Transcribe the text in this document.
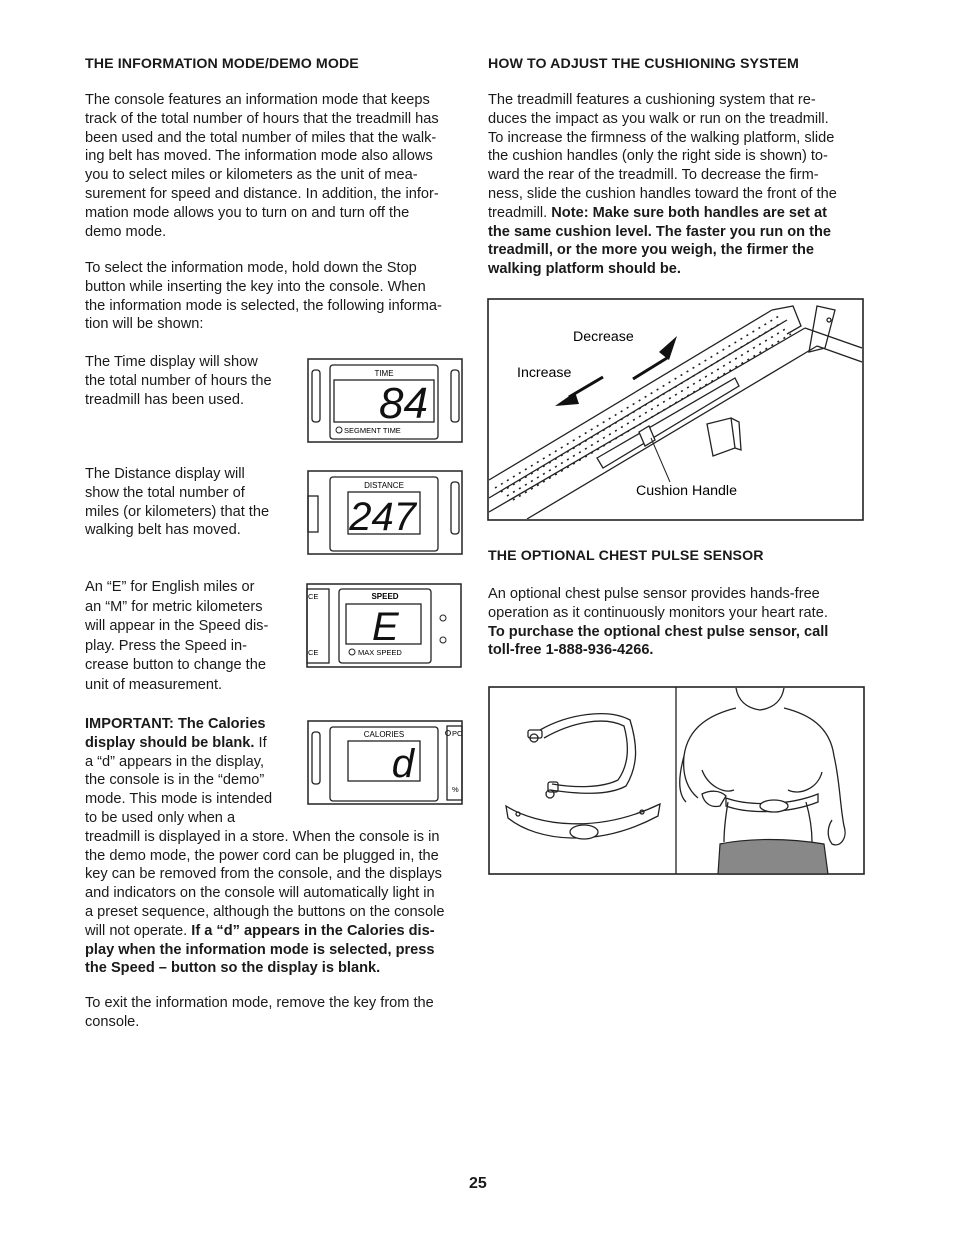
THE INFORMATION MODE/DEMO MODE
The console features an information mode that keeps
track of the total number of hours that the treadmill has
been used and the total number of miles that the walk-
ing belt has moved. The information mode also allows
you to select miles or kilometers as the unit of mea-
surement for speed and distance. In addition, the infor-
mation mode allows you to turn on and turn off the
demo mode.
To select the information mode, hold down the Stop
button while inserting the key into the console. When
the information mode is selected, the following informa-
tion will be shown:
The Time display will show
the total number of hours the
treadmill has been used.
The Distance display will
show the total number of
miles (or kilometers) that the
walking belt has moved.
An “E” for English miles or
an “M” for metric kilometers
will appear in the Speed dis-
play. Press the Speed in-
crease button to change the
unit of measurement.
IMPORTANT: The Calories
display should be blank. If
a “d” appears in the display,
the console is in the “demo”
mode. This mode is intended
to be used only when a
treadmill is displayed in a store. When the console is in
the demo mode, the power cord can be plugged in, the
key can be removed from the console, and the displays
and indicators on the console will automatically light in
a preset sequence, although the buttons on the console
will not operate. If a “d” appears in the Calories dis-
play when the information mode is selected, press
the Speed – button so the display is blank.
To exit the information mode, remove the key from the
console.
TIME
84
SEGMENT TIME
DISTANCE
247
CE
CE
SPEED
E
MAX SPEED
CALORIES
d
PC
%
HOW TO ADJUST THE CUSHIONING SYSTEM
The treadmill features a cushioning system that re-
duces the impact as you walk or run on the treadmill.
To increase the firmness of the walking platform, slide
the cushion handles (only the right side is shown) to-
ward the rear of the treadmill. To decrease the firm-
ness, slide the cushion handles toward the front of the
treadmill. Note: Make sure both handles are set at
the same cushion level. The faster you run on the
treadmill, or the more you weigh, the firmer the
walking platform should be.
Decrease
Increase
Cushion Handle
THE OPTIONAL CHEST PULSE SENSOR
An optional chest pulse sensor provides hands-free
operation as it continuously monitors your heart rate.
To purchase the optional chest pulse sensor, call
toll-free 1-888-936-4266.
25
